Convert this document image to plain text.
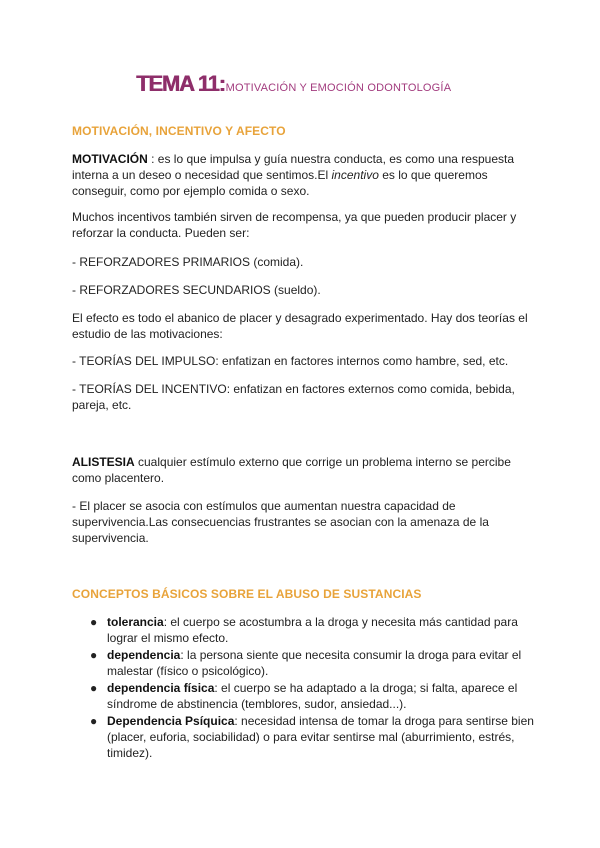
TEMA 11:MOTIVACIÓN Y EMOCIÓN ODONTOLOGÍA
MOTIVACIÓN, INCENTIVO Y AFECTO
MOTIVACIÓN : es lo que impulsa y guía nuestra conducta, es como una respuesta interna a un deseo o necesidad que sentimos.El incentivo es lo que queremos conseguir, como por ejemplo comida o sexo.
Muchos incentivos también sirven de recompensa, ya que pueden producir placer y reforzar la conducta. Pueden ser:
- REFORZADORES PRIMARIOS (comida).
- REFORZADORES SECUNDARIOS (sueldo).
El efecto es todo el abanico de placer y desagrado experimentado. Hay dos teorías el estudio de las motivaciones:
- TEORÍAS DEL IMPULSO: enfatizan en factores internos como hambre, sed, etc.
- TEORÍAS DEL INCENTIVO: enfatizan en factores externos como comida, bebida, pareja, etc.
ALISTESIA cualquier estímulo externo que corrige un problema interno se percibe como placentero.
- El placer se asocia con estímulos que aumentan nuestra capacidad de supervivencia.Las consecuencias frustrantes se asocian con la amenaza de la supervivencia.
CONCEPTOS BÁSICOS SOBRE EL ABUSO DE SUSTANCIAS
● tolerancia: el cuerpo se acostumbra a la droga y necesita más cantidad para lograr el mismo efecto.
● dependencia: la persona siente que necesita consumir la droga para evitar el malestar (físico o psicológico).
● dependencia física: el cuerpo se ha adaptado a la droga; si falta, aparece el síndrome de abstinencia (temblores, sudor, ansiedad...).
● Dependencia Psíquica: necesidad intensa de tomar la droga para sentirse bien (placer, euforia, sociabilidad) o para evitar sentirse mal (aburrimiento, estrés, timidez).
